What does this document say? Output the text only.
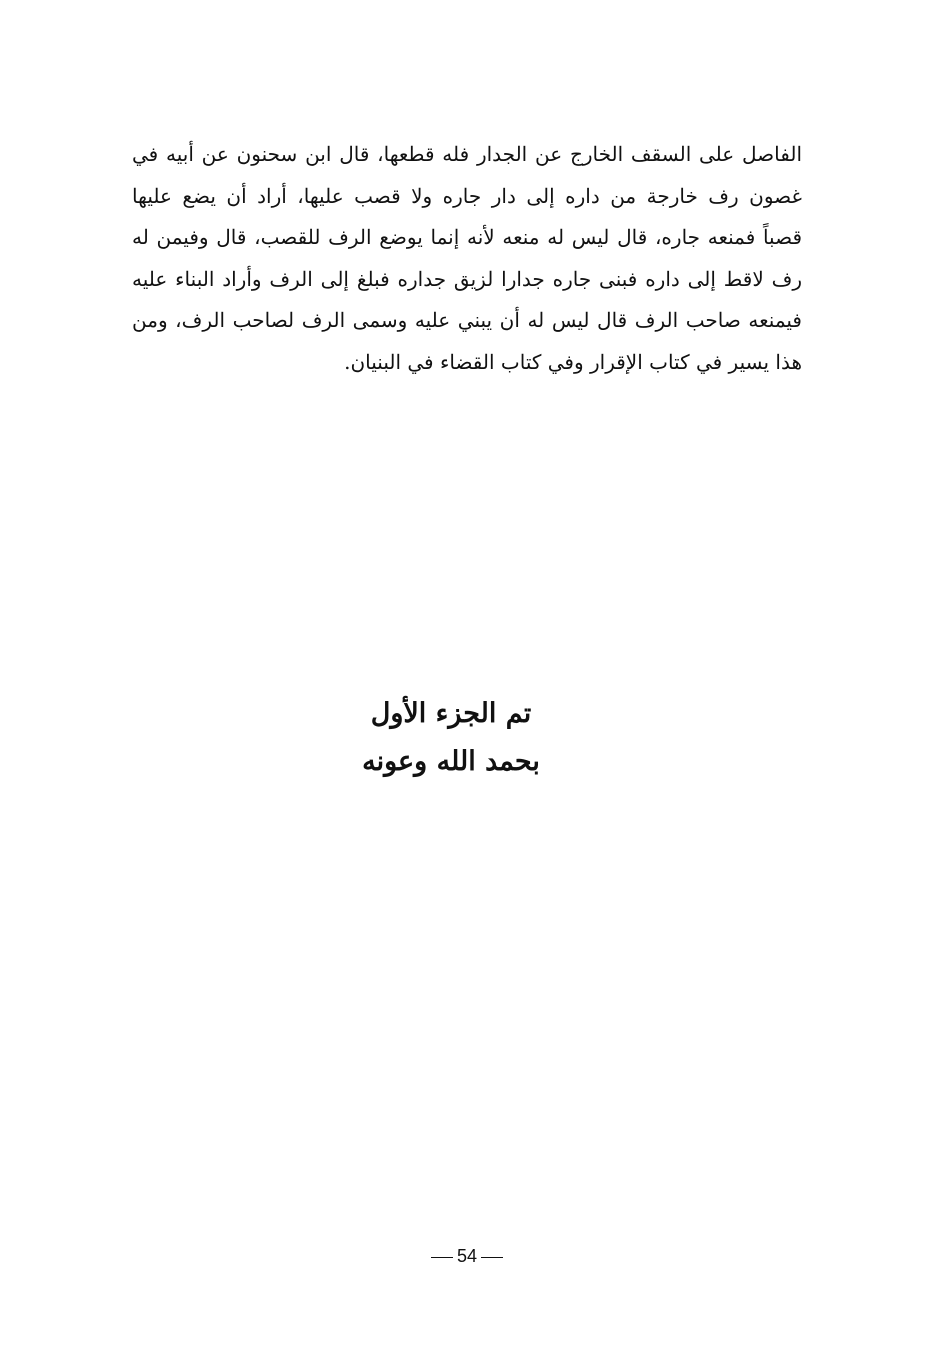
الفاصل على السقف الخارج عن الجدار فله قطعها، قال ابن سحنون عن أبيه في
غصون رف خارجة من داره إلى دار جاره ولا قصب عليها، أراد أن يضع عليها
قصباً فمنعه جاره، قال ليس له منعه لأنه إنما يوضع الرف للقصب، قال وفيمن له
رف لاقط إلى داره فبنى جاره جدارا لزيق جداره فبلغ إلى الرف وأراد البناء عليه
فيمنعه صاحب الرف قال ليس له أن يبني عليه وسمى الرف لصاحب الرف، ومن
هذا يسير في كتاب الإقرار وفي كتاب القضاء في البنيان.
تم الجزء الأول
بحمد الله وعونه
54
